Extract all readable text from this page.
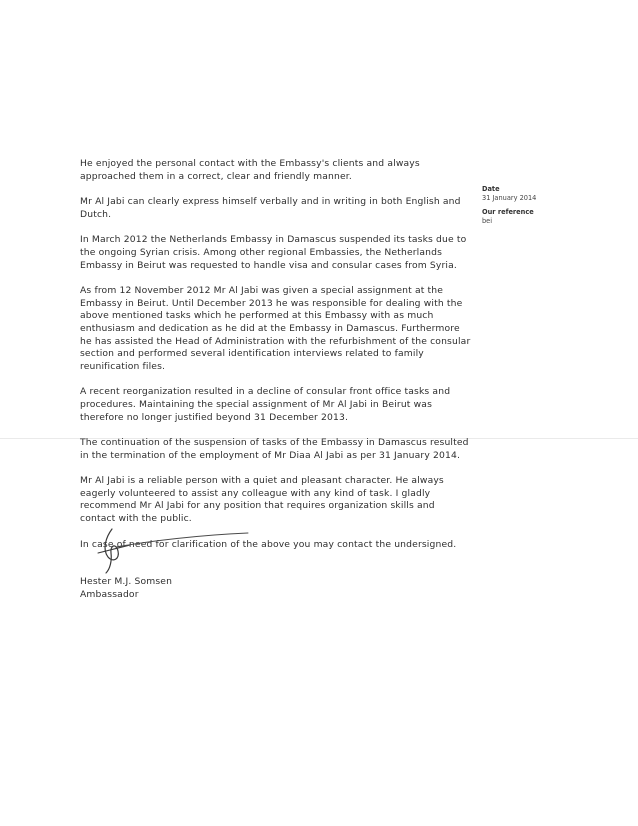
He enjoyed the personal contact with the Embassy's clients and always approached them in a correct, clear and friendly manner.

Mr Al Jabi can clearly express himself verbally and in writing in both English and Dutch.

In March 2012 the Netherlands Embassy in Damascus suspended its tasks due to the ongoing Syrian crisis. Among other regional Embassies, the Netherlands Embassy in Beirut was requested to handle visa and consular cases from Syria.

As from 12 November 2012 Mr Al Jabi was given a special assignment at the Embassy in Beirut. Until December 2013 he was responsible for dealing with the above mentioned tasks which he performed at this Embassy with as much enthusiasm and dedication as he did at the Embassy in Damascus. Furthermore he has assisted the Head of Administration with the refurbishment of the consular section and performed several identification interviews related to family reunification files.

A recent reorganization resulted in a decline of consular front office tasks and procedures. Maintaining the special assignment of Mr Al Jabi in Beirut was therefore no longer justified beyond 31 December 2013.

The continuation of the suspension of tasks of the Embassy in Damascus resulted in the termination of the employment of Mr Diaa Al Jabi as per 31 January 2014.

Mr Al Jabi is a reliable person with a quiet and pleasant character. He always eagerly volunteered to assist any colleague with any kind of task. I gladly recommend Mr Al Jabi for any position that requires organization skills and contact with the public.

In case of need for clarification of the above you may contact the undersigned.

Date
31 January 2014
Our reference
bei
Hester M.J. Somsen
Ambassador
